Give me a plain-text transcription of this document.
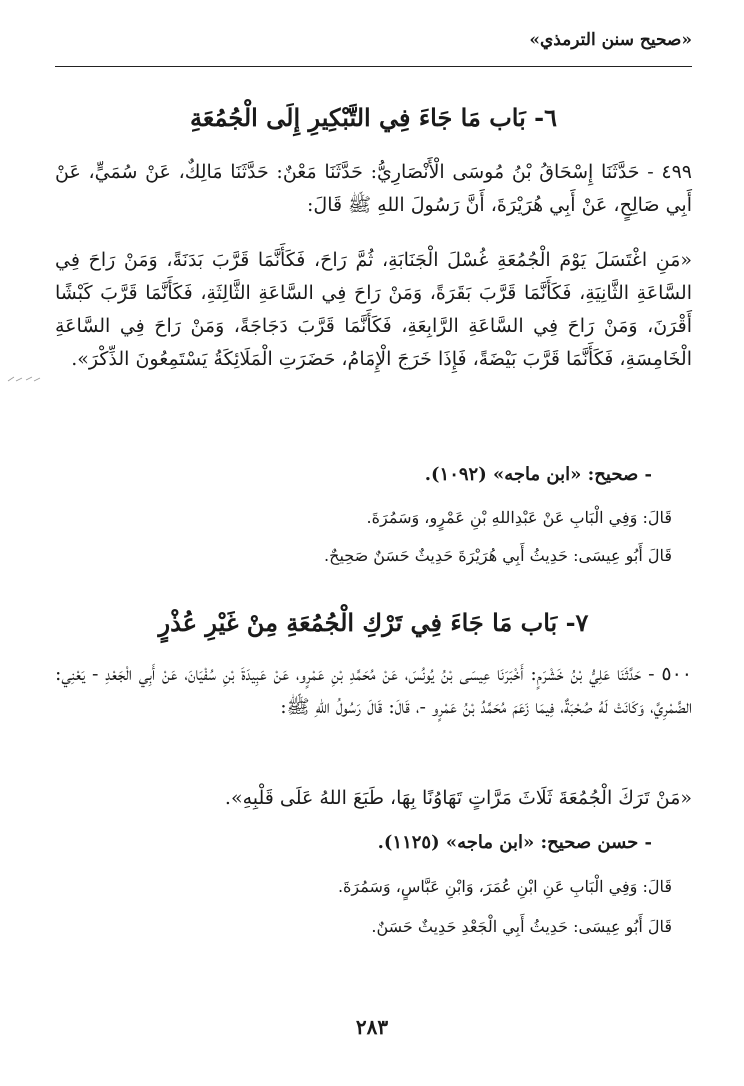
«صحيح سنن الترمذي»
٦- بَاب مَا جَاءَ فِي التَّبْكِيرِ إِلَى الْجُمُعَةِ
٤٩٩ - حَدَّثَنَا إِسْحَاقُ بْنُ مُوسَى الْأَنْصَارِيُّ: حَدَّثَنَا مَعْنٌ: حَدَّثَنَا مَالِكٌ، عَنْ سُمَيٍّ، عَنْ أَبِي صَالِحٍ، عَنْ أَبِي هُرَيْرَةَ، أَنَّ رَسُولَ اللهِ ﷺ قَالَ:
«مَنِ اغْتَسَلَ يَوْمَ الْجُمُعَةِ غُسْلَ الْجَنَابَةِ، ثُمَّ رَاحَ، فَكَأَنَّمَا قَرَّبَ بَدَنَةً، وَمَنْ رَاحَ فِي السَّاعَةِ الثَّانِيَةِ، فَكَأَنَّمَا قَرَّبَ بَقَرَةً، وَمَنْ رَاحَ فِي السَّاعَةِ الثَّالِثَةِ، فَكَأَنَّمَا قَرَّبَ كَبْشًا أَقْرَنَ، وَمَنْ رَاحَ فِي السَّاعَةِ الرَّابِعَةِ، فَكَأَنَّمَا قَرَّبَ دَجَاجَةً، وَمَنْ رَاحَ فِي السَّاعَةِ الْخَامِسَةِ، فَكَأَنَّمَا قَرَّبَ بَيْضَةً، فَإِذَا خَرَجَ الْإِمَامُ، حَضَرَتِ الْمَلَائِكَةُ يَسْتَمِعُونَ الذِّكْرَ».
- صحيح: «ابن ماجه» (١٠٩٢).
قَالَ: وَفِي الْبَابِ عَنْ عَبْدِاللهِ بْنِ عَمْرٍو، وَسَمُرَةَ.
قَالَ أَبُو عِيسَى: حَدِيثُ أَبِي هُرَيْرَةَ حَدِيثٌ حَسَنٌ صَحِيحٌ.
٧- بَاب مَا جَاءَ فِي تَرْكِ الْجُمُعَةِ مِنْ غَيْرِ عُذْرٍ
٥٠٠ - حَدَّثَنَا عَلِيُّ بْنُ خَشْرَمٍ: أَخْبَرَنَا عِيسَى بْنُ يُونُسَ، عَنْ مُحَمَّدِ بْنِ عَمْرٍو، عَنْ عَبِيدَةَ بْنِ سُفْيَانَ، عَنْ أَبِي الْجَعْدِ - يَعْنِي: الضَّمْرِيَّ، وَكَانَتْ لَهُ صُحْبَةٌ، فِيمَا زَعَمَ مُحَمَّدُ بْنُ عَمْرٍو -، قَالَ: قَالَ رَسُولُ اللهِ ﷺ:
«مَنْ تَرَكَ الْجُمُعَةَ ثَلَاثَ مَرَّاتٍ تَهَاوُنًا بِهَا، طَبَعَ اللهُ عَلَى قَلْبِهِ».
- حسن صحيح: «ابن ماجه» (١١٢٥).
قَالَ: وَفِي الْبَابِ عَنِ ابْنِ عُمَرَ، وَابْنِ عَبَّاسٍ، وَسَمُرَةَ.
قَالَ أَبُو عِيسَى: حَدِيثُ أَبِي الْجَعْدِ حَدِيثٌ حَسَنٌ.
٢٨٣
